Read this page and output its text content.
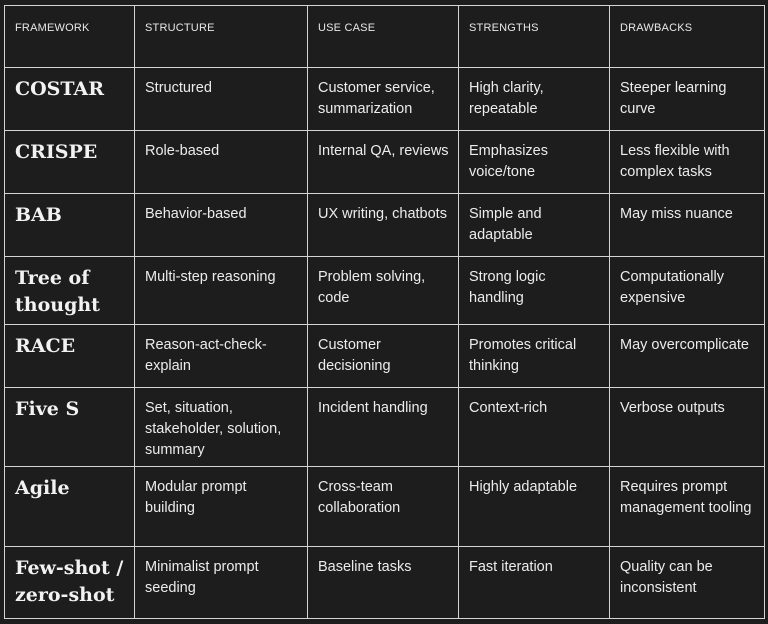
FRAMEWORK	STRUCTURE	USE CASE	STRENGTHS	DRAWBACKS

COSTAR	Structured	Customer service, summarization	High clarity, repeatable	Steeper learning curve

CRISPE	Role-based	Internal QA, reviews	Emphasizes voice/tone	Less flexible with complex tasks

BAB	Behavior-based	UX writing, chatbots	Simple and adaptable	May miss nuance

Tree of thought	Multi-step reasoning	Problem solving, code	Strong logic handling	Computationally expensive

RACE	Reason-act-check-explain	Customer decisioning	Promotes critical thinking	May overcomplicate

Five S	Set, situation, stakeholder, solution, summary	Incident handling	Context-rich	Verbose outputs

Agile	Modular prompt building	Cross-team collaboration	Highly adaptable	Requires prompt management tooling

Few-shot / zero-shot	Minimalist prompt seeding	Baseline tasks	Fast iteration	Quality can be inconsistent
